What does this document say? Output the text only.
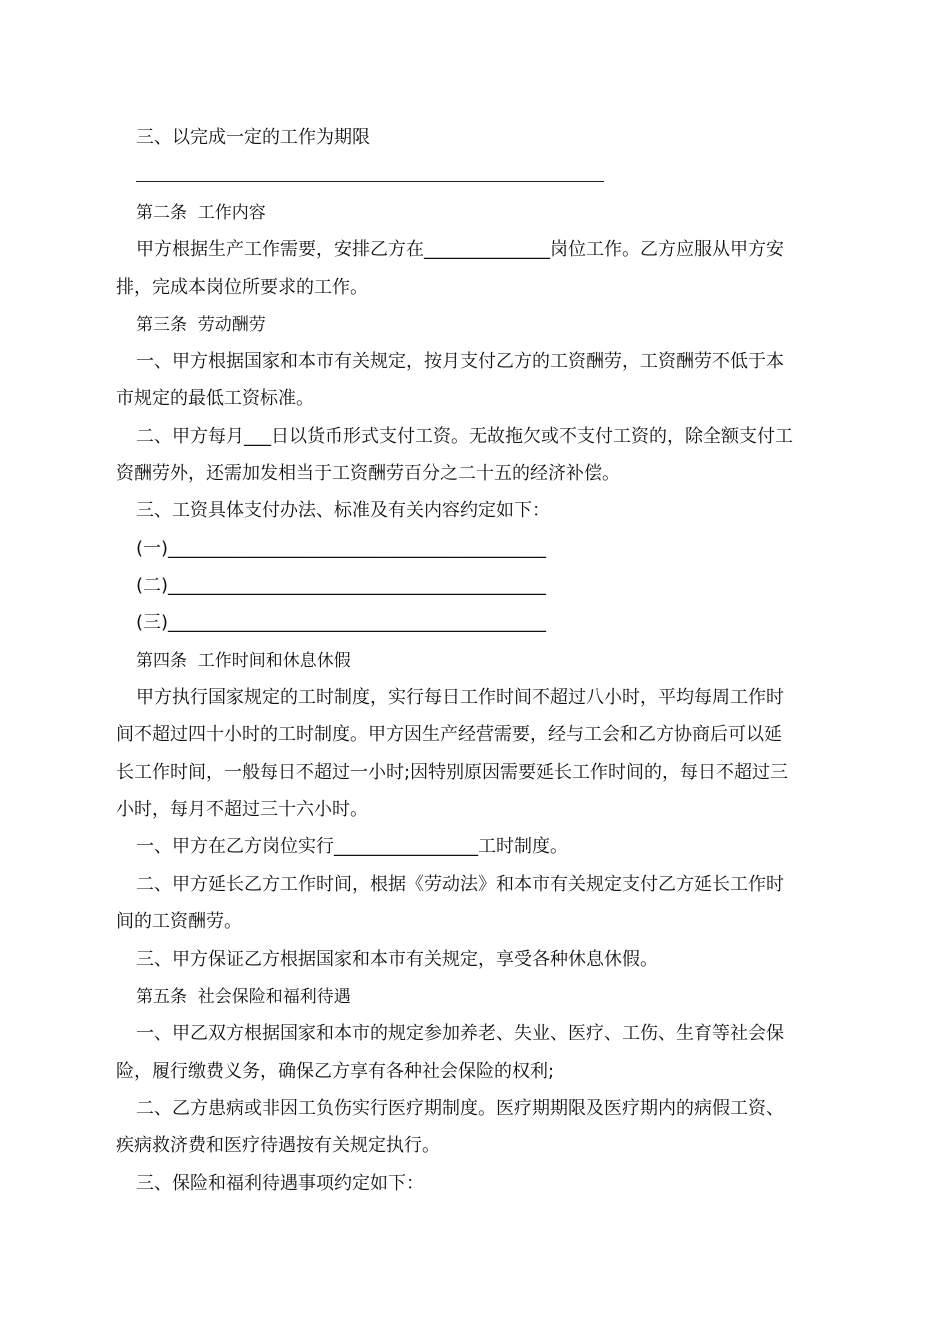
三、以完成一定的工作为期限
第二条  工作内容
甲方根据生产工作需要，安排乙方在______________岗位工作。乙方应服从甲方安
排，完成本岗位所要求的工作。
第三条  劳动酬劳
一、甲方根据国家和本市有关规定，按月支付乙方的工资酬劳，工资酬劳不低于本
市规定的最低工资标准。
二、甲方每月___日以货币形式支付工资。无故拖欠或不支付工资的，除全额支付工
资酬劳外，还需加发相当于工资酬劳百分之二十五的经济补偿。
三、工资具体支付办法、标准及有关内容约定如下：
(一)__________________________________________
(二)__________________________________________
(三)__________________________________________
第四条  工作时间和休息休假
甲方执行国家规定的工时制度，实行每日工作时间不超过八小时，平均每周工作时
间不超过四十小时的工时制度。甲方因生产经营需要，经与工会和乙方协商后可以延
长工作时间，一般每日不超过一小时;因特别原因需要延长工作时间的，每日不超过三
小时，每月不超过三十六小时。
一、甲方在乙方岗位实行________________工时制度。
二、甲方延长乙方工作时间，根据《劳动法》和本市有关规定支付乙方延长工作时
间的工资酬劳。
三、甲方保证乙方根据国家和本市有关规定，享受各种休息休假。
第五条  社会保险和福利待遇
一、甲乙双方根据国家和本市的规定参加养老、失业、医疗、工伤、生育等社会保
险，履行缴费义务，确保乙方享有各种社会保险的权利;
二、乙方患病或非因工负伤实行医疗期制度。医疗期期限及医疗期内的病假工资、
疾病救济费和医疗待遇按有关规定执行。
三、保险和福利待遇事项约定如下：
